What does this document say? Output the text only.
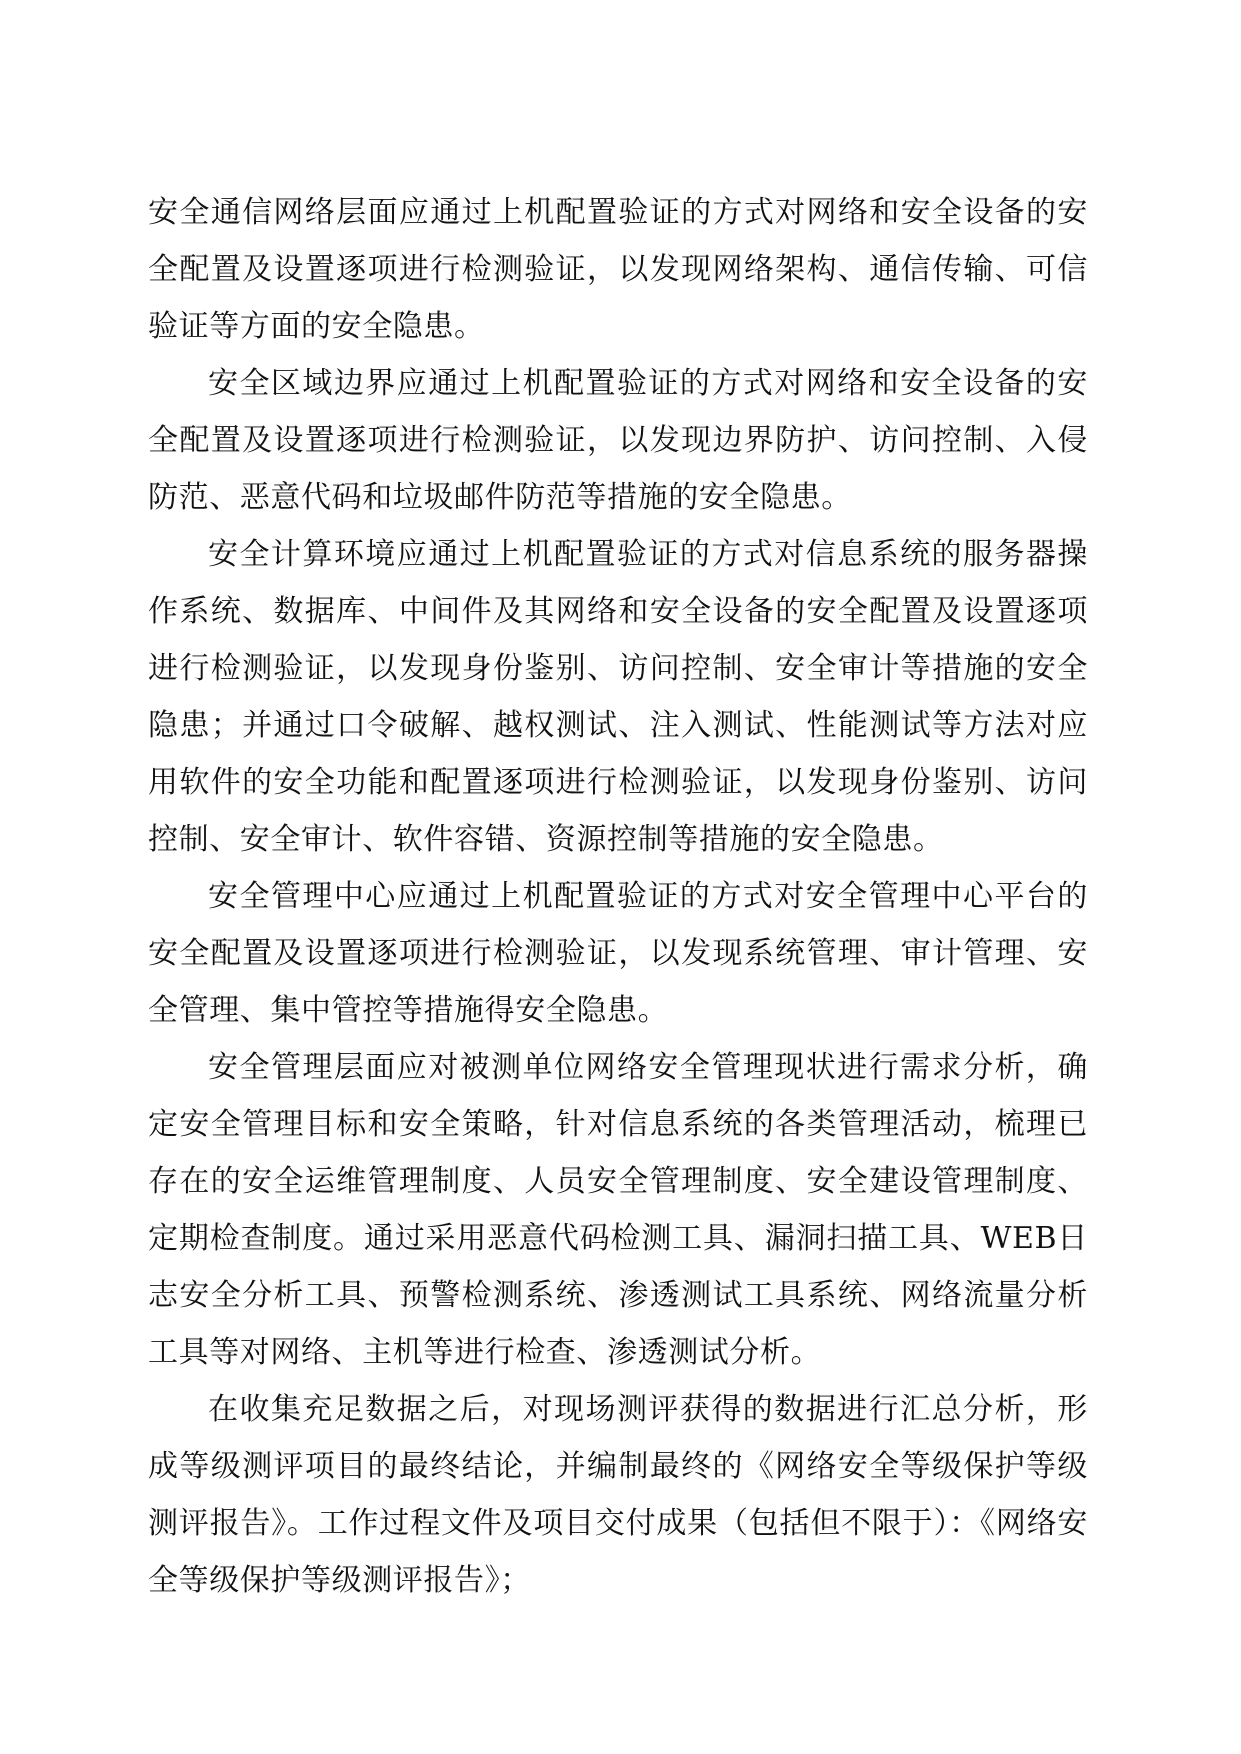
安全通信网络层面应通过上机配置验证的方式对网络和安全设备的安全配置及设置逐项进行检测验证，以发现网络架构、通信传输、可信验证等方面的安全隐患。

安全区域边界应通过上机配置验证的方式对网络和安全设备的安全配置及设置逐项进行检测验证，以发现边界防护、访问控制、入侵防范、恶意代码和垃圾邮件防范等措施的安全隐患。

安全计算环境应通过上机配置验证的方式对信息系统的服务器操作系统、数据库、中间件及其网络和安全设备的安全配置及设置逐项进行检测验证，以发现身份鉴别、访问控制、安全审计等措施的安全隐患；并通过口令破解、越权测试、注入测试、性能测试等方法对应用软件的安全功能和配置逐项进行检测验证，以发现身份鉴别、访问控制、安全审计、软件容错、资源控制等措施的安全隐患。

安全管理中心应通过上机配置验证的方式对安全管理中心平台的安全配置及设置逐项进行检测验证，以发现系统管理、审计管理、安全管理、集中管控等措施得安全隐患。

安全管理层面应对被测单位网络安全管理现状进行需求分析，确定安全管理目标和安全策略，针对信息系统的各类管理活动，梳理已存在的安全运维管理制度、人员安全管理制度、安全建设管理制度、定期检查制度。通过采用恶意代码检测工具、漏洞扫描工具、WEB日志安全分析工具、预警检测系统、渗透测试工具系统、网络流量分析工具等对网络、主机等进行检查、渗透测试分析。

在收集充足数据之后，对现场测评获得的数据进行汇总分析，形成等级测评项目的最终结论，并编制最终的《网络安全等级保护等级测评报告》。工作过程文件及项目交付成果（包括但不限于）：《网络安全等级保护等级测评报告》；
